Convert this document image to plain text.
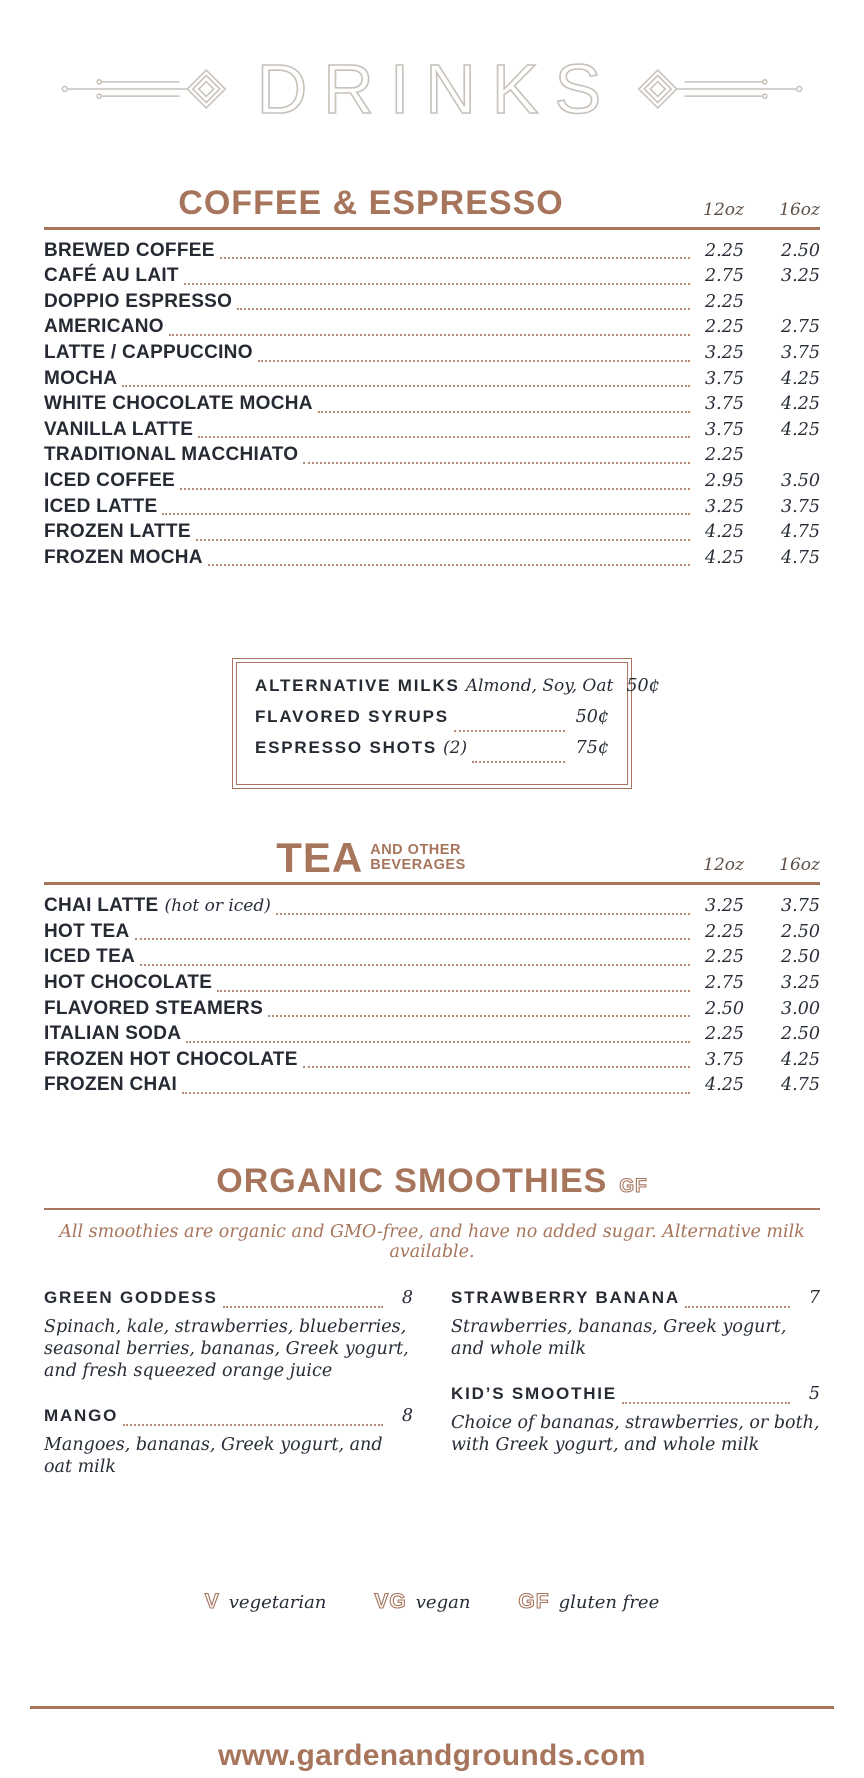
DRINKS
COFFEE & ESPRESSO	12oz	16oz
BREWED COFFEE	2.25	2.50
CAFÉ AU LAIT	2.75	3.25
DOPPIO ESPRESSO	2.25
AMERICANO	2.25	2.75
LATTE / CAPPUCCINO	3.25	3.75
MOCHA	3.75	4.25
WHITE CHOCOLATE MOCHA	3.75	4.25
VANILLA LATTE	3.75	4.25
TRADITIONAL MACCHIATO	2.25
ICED COFFEE	2.95	3.50
ICED LATTE	3.25	3.75
FROZEN LATTE	4.25	4.75
FROZEN MOCHA	4.25	4.75
ALTERNATIVE MILKS Almond, Soy, Oat 50¢
FLAVORED SYRUPS	50¢
ESPRESSO SHOTS (2)	75¢
TEA AND OTHER
BEVERAGES	12oz	16oz
CHAI LATTE (hot or iced)	3.25	3.75
HOT TEA	2.25	2.50
ICED TEA	2.25	2.50
HOT CHOCOLATE	2.75	3.25
FLAVORED STEAMERS	2.50	3.00
ITALIAN SODA	2.25	2.50
FROZEN HOT CHOCOLATE	3.75	4.25
FROZEN CHAI	4.25	4.75
ORGANIC SMOOTHIES GF
All smoothies are organic and GMO-free, and have no added sugar. Alternative milk available.
GREEN GODDESS	8
Spinach, kale, strawberries, blueberries, seasonal berries, bananas, Greek yogurt, and fresh squeezed orange juice
MANGO	8
Mangoes, bananas, Greek yogurt, and oat milk
STRAWBERRY BANANA	7
Strawberries, bananas, Greek yogurt, and whole milk
KID’S SMOOTHIE	5
Choice of bananas, strawberries, or both, with Greek yogurt, and whole milk
V vegetarian VG vegan GF gluten free
www.gardenandgrounds.com
